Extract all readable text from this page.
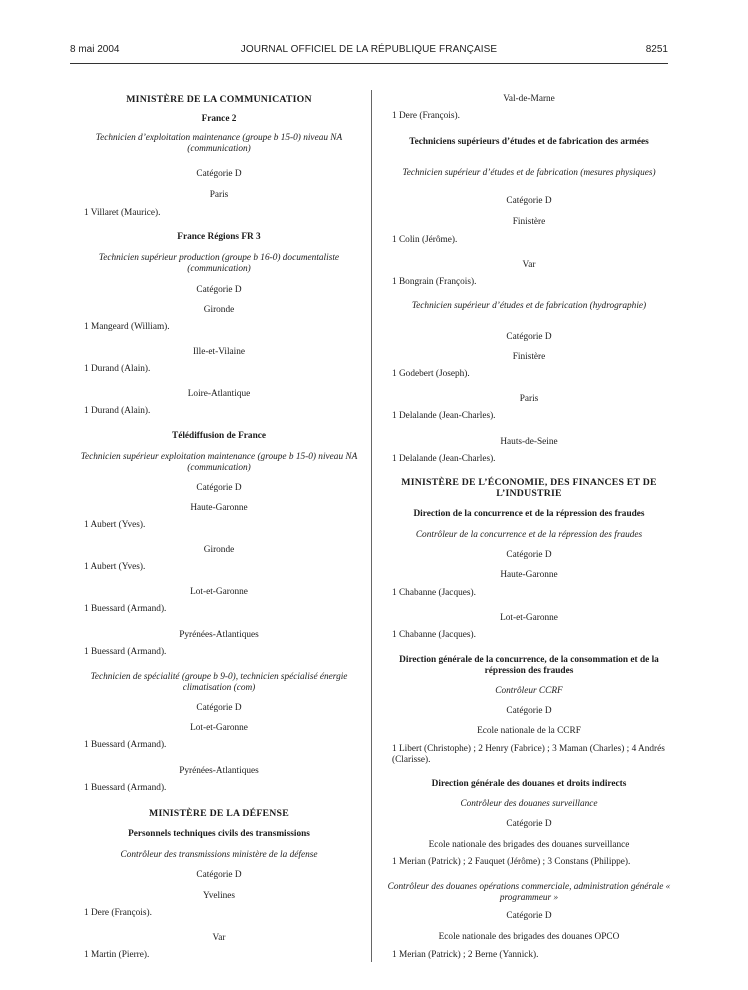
8 mai 2004	JOURNAL OFFICIEL DE LA RÉPUBLIQUE FRANÇAISE	8251
MINISTÈRE DE LA COMMUNICATION
France 2
Technicien d’exploitation maintenance (groupe b 15-0) niveau NA (communication)
Catégorie D
Paris
1 Villaret (Maurice).
France Régions FR 3
Technicien supérieur production (groupe b 16-0) documentaliste (communication)
Catégorie D
Gironde
1 Mangeard (William).
Ille-et-Vilaine
1 Durand (Alain).
Loire-Atlantique
1 Durand (Alain).
Télédiffusion de France
Technicien supérieur exploitation maintenance (groupe b 15-0) niveau NA (communication)
Catégorie D
Haute-Garonne
1 Aubert (Yves).
Gironde
1 Aubert (Yves).
Lot-et-Garonne
1 Buessard (Armand).
Pyrénées-Atlantiques
1 Buessard (Armand).
Technicien de spécialité (groupe b 9-0), technicien spécialisé énergie climatisation (com)
Catégorie D
Lot-et-Garonne
1 Buessard (Armand).
Pyrénées-Atlantiques
1 Buessard (Armand).
MINISTÈRE DE LA DÉFENSE
Personnels techniques civils des transmissions
Contrôleur des transmissions ministère de la défense
Catégorie D
Yvelines
1 Dere (François).
Var
1 Martin (Pierre).
Val-de-Marne
1 Dere (François).
Techniciens supérieurs d’études et de fabrication des armées
Technicien supérieur d’études et de fabrication (mesures physiques)
Catégorie D
Finistère
1 Colin (Jérôme).
Var
1 Bongrain (François).
Technicien supérieur d’études et de fabrication (hydrographie)
Catégorie D
Finistère
1 Godebert (Joseph).
Paris
1 Delalande (Jean-Charles).
Hauts-de-Seine
1 Delalande (Jean-Charles).
MINISTÈRE DE L’ÉCONOMIE, DES FINANCES ET DE L’INDUSTRIE
Direction de la concurrence et de la répression des fraudes
Contrôleur de la concurrence et de la répression des fraudes
Catégorie D
Haute-Garonne
1 Chabanne (Jacques).
Lot-et-Garonne
1 Chabanne (Jacques).
Direction générale de la concurrence, de la consommation et de la répression des fraudes
Contrôleur CCRF
Catégorie D
Ecole nationale de la CCRF
1 Libert (Christophe) ; 2 Henry (Fabrice) ; 3 Maman (Charles) ; 4 Andrés (Clarisse).
Direction générale des douanes et droits indirects
Contrôleur des douanes surveillance
Catégorie D
Ecole nationale des brigades des douanes surveillance
1 Merian (Patrick) ; 2 Fauquet (Jérôme) ; 3 Constans (Philippe).
Contrôleur des douanes opérations commerciale, administration générale « programmeur »
Catégorie D
Ecole nationale des brigades des douanes OPCO
1 Merian (Patrick) ; 2 Berne (Yannick).
